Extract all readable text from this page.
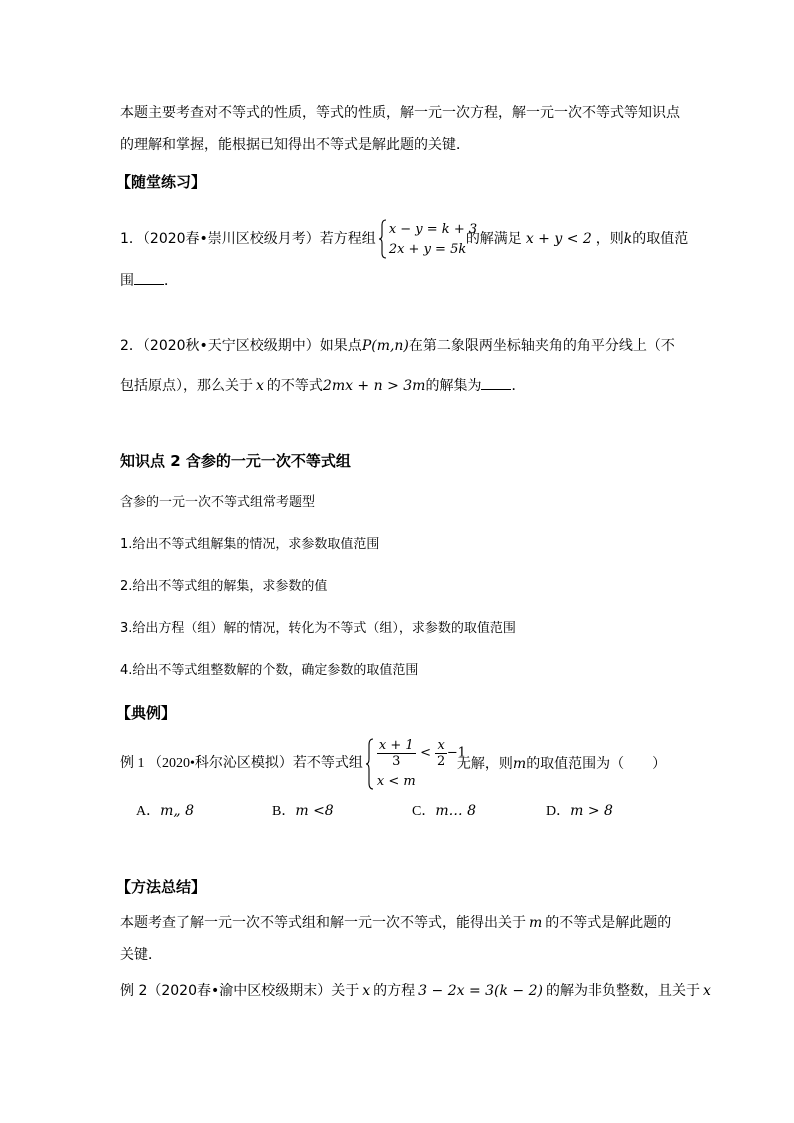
本题主要考查对不等式的性质，等式的性质，解一元一次方程，解一元一次不等式等知识点
的理解和掌握，能根据已知得出不等式是解此题的关键．
【随堂练习】
1．（2020春•崇川区校级月考）若方程组
x − y = k + 3
2x + y = 5k
的解满足 x + y < 2 ，则k的取值范
围 ．
2．（2020秋•天宁区校级期中）如果点P(m,n)在第二象限两坐标轴夹角的角平分线上（不
包括原点），那么关于 x 的不等式2mx + n > 3m的解集为 ．
知识点 2 含参的一元一次不等式组
含参的一元一次不等式组常考题型
1.给出不等式组解集的情况，求参数取值范围
2.给出不等式组的解集，求参数的值
3.给出方程（组）解的情况，转化为不等式（组），求参数的取值范围
4.给出不等式组整数解的个数，确定参数的取值范围
【典例】
例 1 （2020•科尔沁区模拟）若不等式组 $\frac{x + 1}{3} < \frac{x}{2} -1$
x < m
无解，则m的取值范围为（　　）
A．m„ 8	B．m <8	C．m… 8	D．m > 8
【方法总结】
本题考查了解一元一次不等式组和解一元一次不等式，能得出关于 m 的不等式是解此题的
关键．
例 2（2020春•渝中区校级期末）关于 x 的方程 3 − 2x = 3(k − 2) 的解为非负整数，且关于 x
